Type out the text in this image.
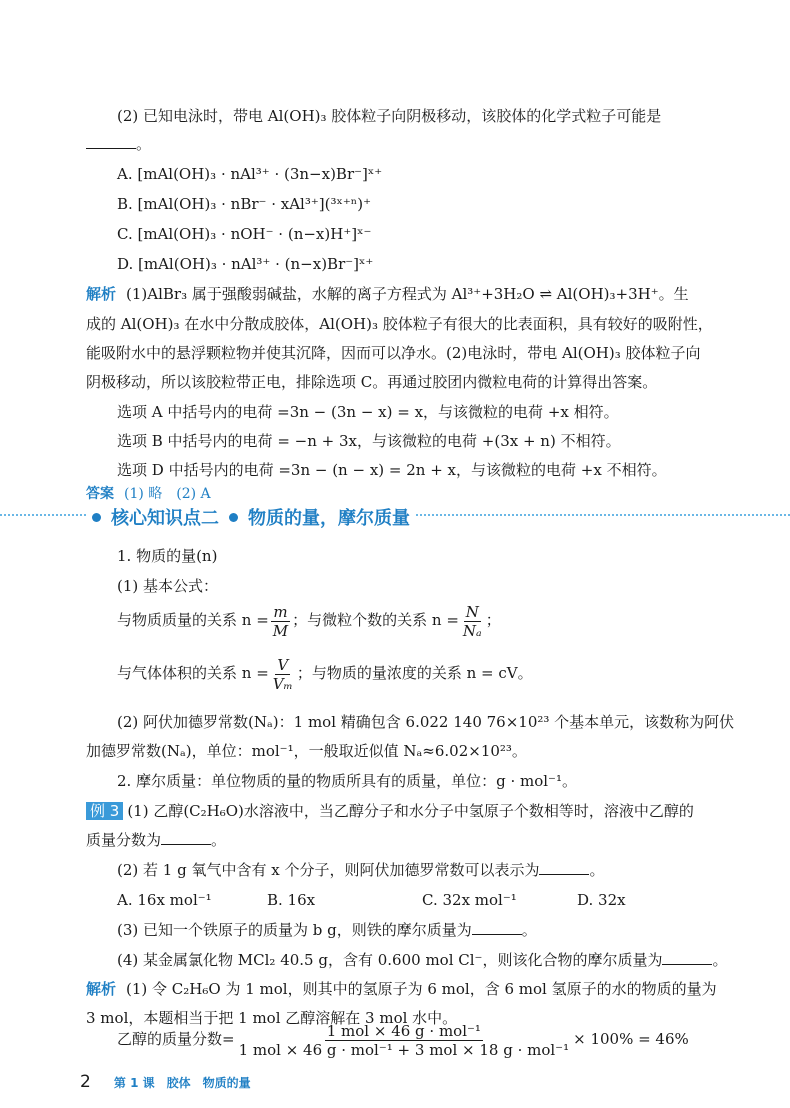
(2) 已知电泳时，带电 Al(OH)₃ 胶体粒子向阴极移动，该胶体的化学式粒子可能是
。
A. [mAl(OH)₃ · nAl³⁺ · (3n−x)Br⁻]ˣ⁺
B. [mAl(OH)₃ · nBr⁻ · xAl³⁺](³ˣ⁺ⁿ)⁺
C. [mAl(OH)₃ · nOH⁻ · (n−x)H⁺]ˣ⁻
D. [mAl(OH)₃ · nAl³⁺ · (n−x)Br⁻]ˣ⁺
解析 (1)AlBr₃ 属于强酸弱碱盐，水解的离子方程式为 Al³⁺+3H₂O ⇌ Al(OH)₃+3H⁺。生
成的 Al(OH)₃ 在水中分散成胶体，Al(OH)₃ 胶体粒子有很大的比表面积，具有较好的吸附性，
能吸附水中的悬浮颗粒物并使其沉降，因而可以净水。(2)电泳时，带电 Al(OH)₃ 胶体粒子向
阴极移动，所以该胶粒带正电，排除选项 C。再通过胶团内微粒电荷的计算得出答案。
选项 A 中括号内的电荷 =3n − (3n − x) = x，与该微粒的电荷 +x 相符。
选项 B 中括号内的电荷 = −n + 3x，与该微粒的电荷 +(3x + n) 不相符。
选项 D 中括号内的电荷 =3n − (n − x) = 2n + x，与该微粒的电荷 +x 不相符。
答案 (1) 略　(2) A
核心知识点二 物质的量，摩尔质量
1. 物质的量(n)
(1) 基本公式：
与物质质量的关系 $n = \frac{m}{M}$ ；与微粒个数的关系 $n = \frac{N}{\text{Nₐ}}$ ；
与气体体积的关系 $n = \frac{V}{\text{Vₘ}}$ ；与物质的量浓度的关系 n = cV。
(2) 阿伏加德罗常数(Nₐ)：1 mol 精确包含 6.022 140 76×10²³ 个基本单元，该数称为阿伏
加德罗常数(Nₐ)，单位：mol⁻¹，一般取近似值 Nₐ≈6.02×10²³。
2. 摩尔质量：单位物质的量的物质所具有的质量，单位：g · mol⁻¹。
例 3 (1) 乙醇(C₂H₆O)水溶液中，当乙醇分子和水分子中氢原子个数相等时，溶液中乙醇的
质量分数为	。
(2) 若 1 g 氧气中含有 x 个分子，则阿伏加德罗常数可以表示为	。
A. 16x mol⁻¹	B. 16x	C. 32x mol⁻¹	D. 32x
(3) 已知一个铁原子的质量为 b g，则铁的摩尔质量为	。
(4) 某金属氯化物 MCl₂ 40.5 g，含有 0.600 mol Cl⁻，则该化合物的摩尔质量为	。
解析 (1) 令 C₂H₆O 为 1 mol，则其中的氢原子为 6 mol，含 6 mol 氢原子的水的物质的量为
3 mol，本题相当于把 1 mol 乙醇溶解在 3 mol 水中。
2 第 1 课　胶体　物质的量
乙醇的质量分数= $\frac{\text{1 mol × 46 g · mol⁻¹}}{\text{1 mol × 46 g · mol⁻¹ + 3 mol × 18 g · mol⁻¹}} \times 100\% = 46\%$
